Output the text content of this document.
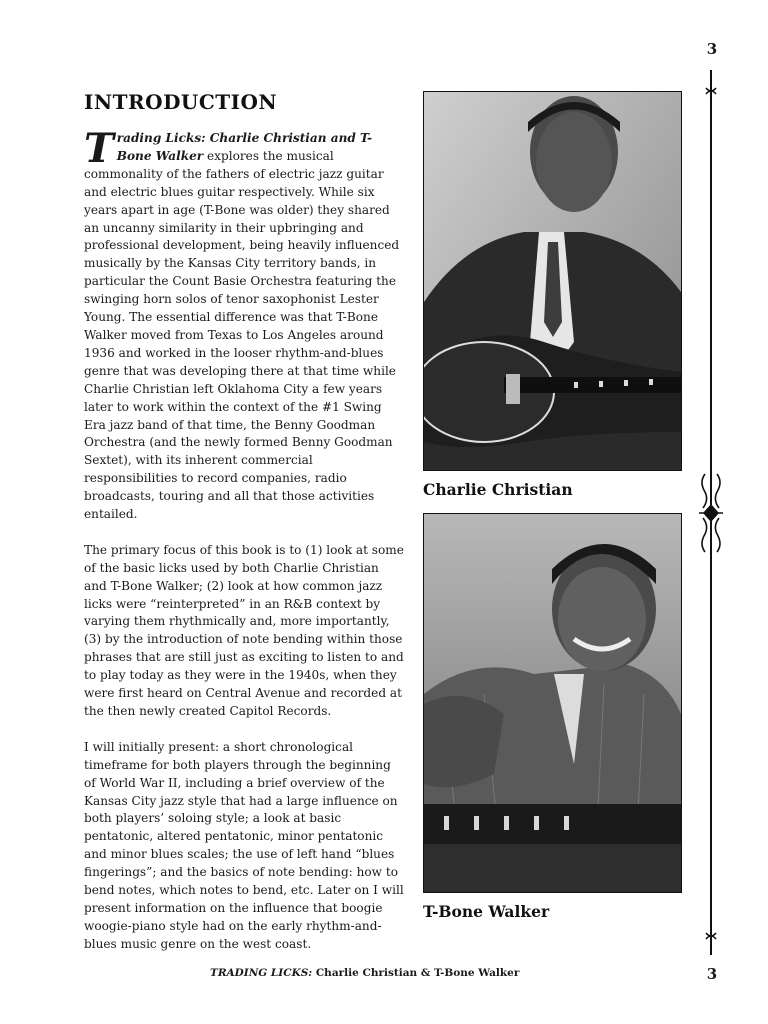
3
INTRODUCTION

Trading Licks: Charlie Christian and T-Bone Walker explores the musical commonality of the fathers of electric jazz guitar and electric blues guitar respectively. While six years apart in age (T-Bone was older) they shared an uncanny similarity in their upbringing and professional development, being heavily influenced musically by the Kansas City territory bands, in particular the Count Basie Orchestra featuring the swinging horn solos of tenor saxophonist Lester Young. The essential difference was that T-Bone Walker moved from Texas to Los Angeles around 1936 and worked in the looser rhythm-and-blues genre that was developing there at that time while Charlie Christian left Oklahoma City a few years later to work within the context of the #1 Swing Era jazz band of that time, the Benny Goodman Orchestra (and the newly formed Benny Goodman Sextet), with its inherent commercial responsibilities to record companies, radio broadcasts, touring and all that those activities entailed.

The primary focus of this book is to (1) look at some of the basic licks used by both Charlie Christian and T-Bone Walker; (2) look at how common jazz licks were “reinterpreted” in an R&B context by varying them rhythmically and, more importantly, (3) by the introduction of note bending within those phrases that are still just as exciting to listen to and to play today as they were in the 1940s, when they were first heard on Central Avenue and recorded at the then newly created Capitol Records.

I will initially present: a short chronological timeframe for both players through the beginning of World War II, including a brief overview of the Kansas City jazz style that had a large influence on both players’ soloing style; a look at basic pentatonic, altered pentatonic, minor pentatonic and minor blues scales; the use of left hand “blues fingerings”; and the basics of note bending: how to bend notes, which notes to bend, etc. Later on I will present information on the influence that boogie woogie-piano style had on the early rhythm-and-blues music genre on the west coast.

Charlie Christian
T-Bone Walker
TRADING LICKS: Charlie Christian & T-Bone Walker	3
